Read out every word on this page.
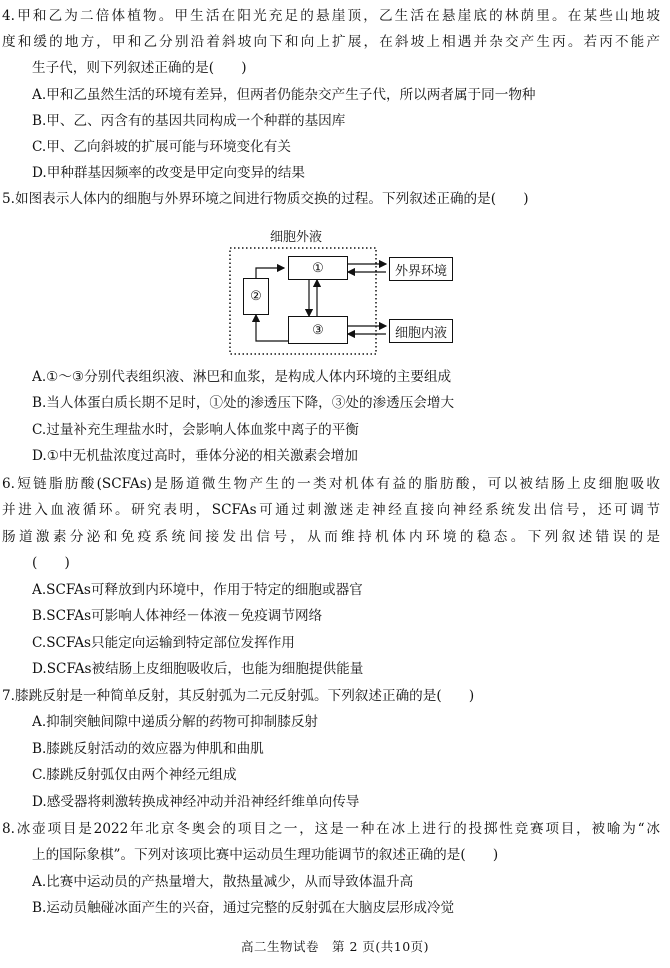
4.甲和乙为二倍体植物。甲生活在阳光充足的悬崖顶，乙生活在悬崖底的林荫里。在某些山地坡
度和缓的地方，甲和乙分别沿着斜坡向下和向上扩展，在斜坡上相遇并杂交产生丙。若丙不能产
生子代，则下列叙述正确的是(　　)
A.甲和乙虽然生活的环境有差异，但两者仍能杂交产生子代，所以两者属于同一物种
B.甲、乙、丙含有的基因共同构成一个种群的基因库
C.甲、乙向斜坡的扩展可能与环境变化有关
D.甲种群基因频率的改变是甲定向变异的结果
5.如图表示人体内的细胞与外界环境之间进行物质交换的过程。下列叙述正确的是(　　)
细胞外液
①
②
③
外界环境
细胞内液
A.①～③分别代表组织液、淋巴和血浆，是构成人体内环境的主要组成
B.当人体蛋白质长期不足时，①处的渗透压下降，③处的渗透压会增大
C.过量补充生理盐水时，会影响人体血浆中离子的平衡
D.①中无机盐浓度过高时，垂体分泌的相关激素会增加
6.短链脂肪酸(SCFAs)是肠道微生物产生的一类对机体有益的脂肪酸，可以被结肠上皮细胞吸收
并进入血液循环。研究表明，SCFAs可通过刺激迷走神经直接向神经系统发出信号，还可调节
肠道激素分泌和免疫系统间接发出信号，从而维持机体内环境的稳态。下列叙述错误的是
(　　)
A.SCFAs可释放到内环境中，作用于特定的细胞或器官
B.SCFAs可影响人体神经－体液－免疫调节网络
C.SCFAs只能定向运输到特定部位发挥作用
D.SCFAs被结肠上皮细胞吸收后，也能为细胞提供能量
7.膝跳反射是一种简单反射，其反射弧为二元反射弧。下列叙述正确的是(　　)
A.抑制突触间隙中递质分解的药物可抑制膝反射
B.膝跳反射活动的效应器为伸肌和曲肌
C.膝跳反射弧仅由两个神经元组成
D.感受器将刺激转换成神经冲动并沿神经纤维单向传导
8.冰壶项目是2022年北京冬奥会的项目之一，这是一种在冰上进行的投掷性竞赛项目，被喻为“冰
上的国际象棋”。下列对该项比赛中运动员生理功能调节的叙述正确的是(　　)
A.比赛中运动员的产热量增大，散热量减少，从而导致体温升高
B.运动员触碰冰面产生的兴奋，通过完整的反射弧在大脑皮层形成冷觉
高二生物试卷　第 2 页(共10页)
